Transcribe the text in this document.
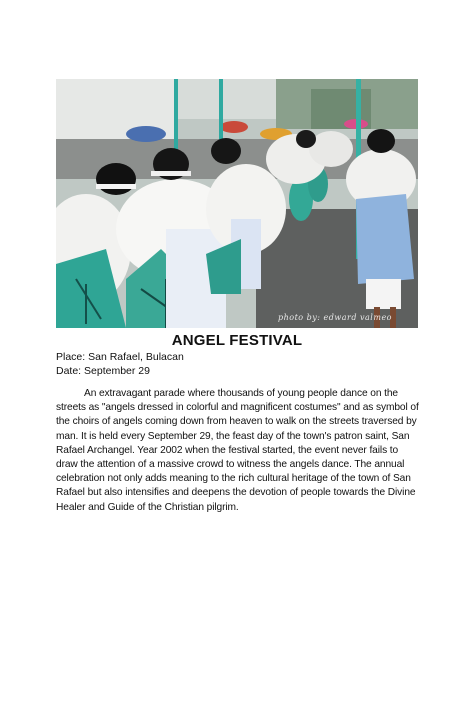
photo by: edward valmeo
ANGEL FESTIVAL
Place: San Rafael, Bulacan
Date: September 29
An extravagant parade where thousands of young people dance on the streets as "angels dressed in colorful and magnificent costumes" and as symbol of the choirs of angels coming down from heaven to walk on the streets traversed by man. It is held every September 29, the feast day of the town's patron saint, San Rafael Archangel. Year 2002 when the festival started, the event never fails to draw the attention of a massive crowd to witness the angels dance. The annual celebration not only adds meaning to the rich cultural heritage of the town of San Rafael but also intensifies and deepens the devotion of people towards the Divine Healer and Guide of the Christian pilgrim.
